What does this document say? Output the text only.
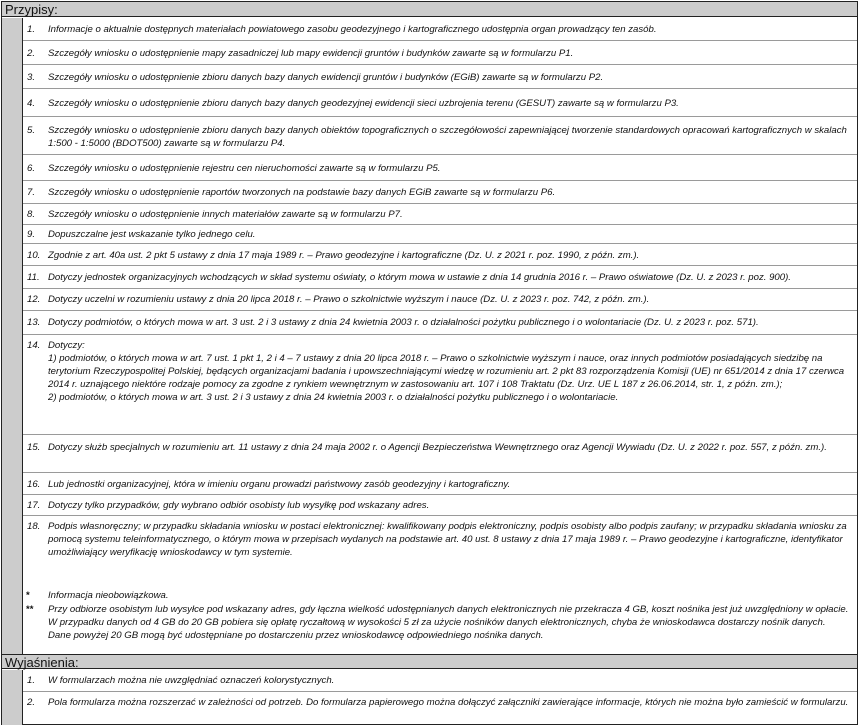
Przypisy:
1.	Informacje o aktualnie dostępnych materiałach powiatowego zasobu geodezyjnego i kartograficznego udostępnia organ prowadzący ten zasób.
2.	Szczegóły wniosku o udostępnienie mapy zasadniczej lub mapy ewidencji gruntów i budynków zawarte są w formularzu P1.
3.	Szczegóły wniosku o udostępnienie zbioru danych bazy danych ewidencji gruntów i budynków (EGiB) zawarte są w formularzu P2.
4.	Szczegóły wniosku o udostępnienie zbioru danych bazy danych geodezyjnej ewidencji sieci uzbrojenia terenu (GESUT) zawarte są w formularzu P3.
5.	Szczegóły wniosku o udostępnienie zbioru danych bazy danych obiektów topograficznych o szczegółowości zapewniającej tworzenie standardowych opracowań kartograficznych w skalach 1:500 - 1:5000 (BDOT500) zawarte są w formularzu P4.
6.	Szczegóły wniosku o udostępnienie rejestru cen nieruchomości zawarte są w formularzu P5.
7.	Szczegóły wniosku o udostępnienie raportów tworzonych na podstawie bazy danych EGiB zawarte są w formularzu P6.
8.	Szczegóły wniosku o udostępnienie innych materiałów zawarte są w formularzu P7.
9.	Dopuszczalne jest wskazanie tylko jednego celu.
10. Zgodnie z art. 40a ust. 2 pkt 5 ustawy z dnia 17 maja 1989 r. – Prawo geodezyjne i kartograficzne (Dz. U. z 2021 r. poz. 1990, z późn. zm.).
11. Dotyczy jednostek organizacyjnych wchodzących w skład systemu oświaty, o którym mowa w ustawie z dnia 14 grudnia 2016 r. – Prawo oświatowe (Dz. U. z 2023 r. poz. 900).
12. Dotyczy uczelni w rozumieniu ustawy z dnia 20 lipca 2018 r. – Prawo o szkolnictwie wyższym i nauce (Dz. U. z 2023 r. poz. 742, z późn. zm.).
13. Dotyczy podmiotów, o których mowa w art. 3 ust. 2 i 3 ustawy z dnia 24 kwietnia 2003 r. o działalności pożytku publicznego i o wolontariacie (Dz. U. z 2023 r. poz. 571).
14. Dotyczy:
1) podmiotów, o których mowa w art. 7 ust. 1 pkt 1, 2 i 4 – 7 ustawy z dnia 20 lipca 2018 r. – Prawo o szkolnictwie wyższym i nauce, oraz innych podmiotów posiadających siedzibę na terytorium Rzeczypospolitej Polskiej, będących organizacjami badania i upowszechniającymi wiedzę w rozumieniu art. 2 pkt 83 rozporządzenia Komisji (UE) nr 651/2014 z dnia 17 czerwca 2014 r. uznającego niektóre rodzaje pomocy za zgodne z rynkiem wewnętrznym w zastosowaniu art. 107 i 108 Traktatu (Dz. Urz. UE L 187 z 26.06.2014, str. 1, z późn. zm.);
2) podmiotów, o których mowa w art. 3 ust. 2 i 3 ustawy z dnia 24 kwietnia 2003 r. o działalności pożytku publicznego i o wolontariacie.
15. Dotyczy służb specjalnych w rozumieniu art. 11 ustawy z dnia 24 maja 2002 r. o Agencji Bezpieczeństwa Wewnętrznego oraz Agencji Wywiadu (Dz. U. z 2022 r. poz. 557, z późn. zm.).
16. Lub jednostki organizacyjnej, która w imieniu organu prowadzi państwowy zasób geodezyjny i kartograficzny.
17. Dotyczy tylko przypadków, gdy wybrano odbiór osobisty lub wysyłkę pod wskazany adres.
18. Podpis własnoręczny; w przypadku składania wniosku w postaci elektronicznej: kwalifikowany podpis elektroniczny, podpis osobisty albo podpis zaufany; w przypadku składania wniosku za pomocą systemu teleinformatycznego, o którym mowa w przepisach wydanych na podstawie art. 40 ust. 8 ustawy z dnia 17 maja 1989 r. – Prawo geodezyjne i kartograficzne, identyfikator umożliwiający weryfikację wnioskodawcy w tym systemie.
*	Informacja nieobowiązkowa.
**	Przy odbiorze osobistym lub wysyłce pod wskazany adres, gdy łączna wielkość udostępnianych danych elektronicznych nie przekracza 4 GB, koszt nośnika jest już uwzględniony w opłacie. W przypadku danych od 4 GB do 20 GB pobiera się opłatę ryczałtową w wysokości 5 zł za użycie nośników danych elektronicznych, chyba że wnioskodawca dostarczy nośnik danych. Dane powyżej 20 GB mogą być udostępniane po dostarczeniu przez wnioskodawcę odpowiedniego nośnika danych.
Wyjaśnienia:
1.	W formularzach można nie uwzględniać oznaczeń kolorystycznych.
2.	Pola formularza można rozszerzać w zależności od potrzeb. Do formularza papierowego można dołączyć załączniki zawierające informacje, których nie można było zamieścić w formularzu.
